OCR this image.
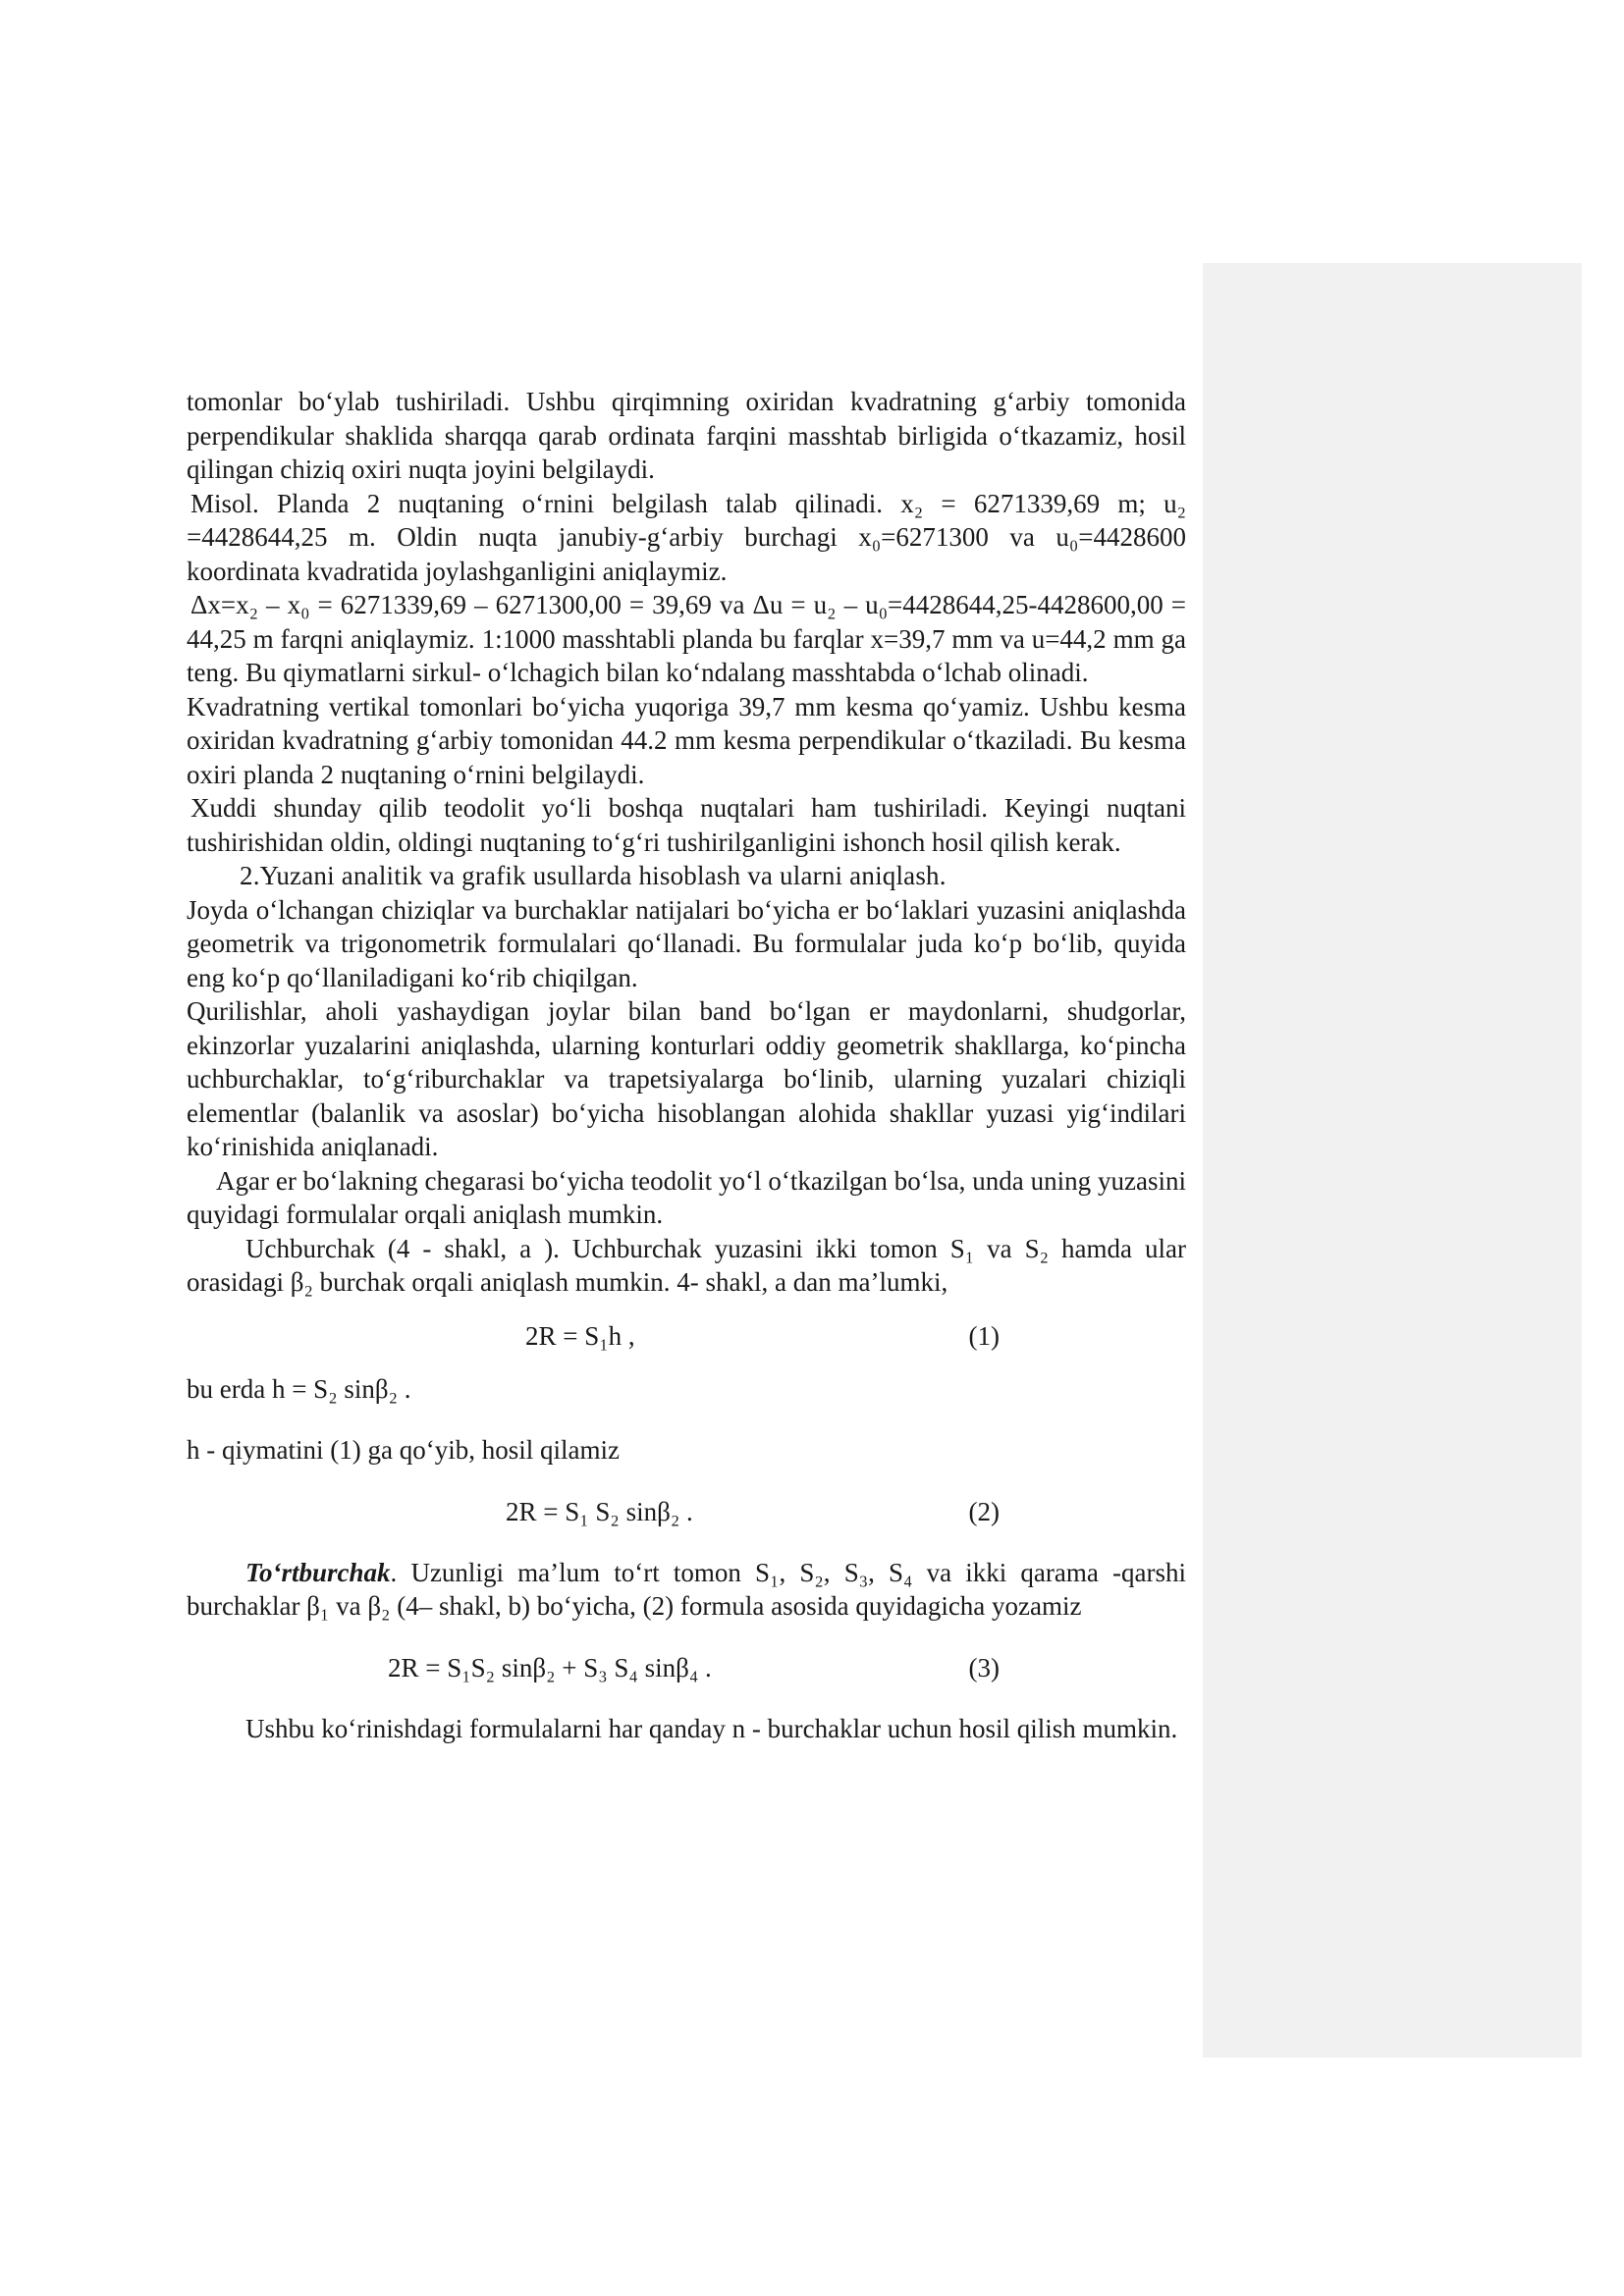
tomonlar bo‘ylab tushiriladi. Ushbu qirqimning oxiridan kvadratning g‘arbiy tomonida perpendikular shaklida sharqqa qarab ordinata farqini masshtab birligida o‘tkazamiz, hosil qilingan chiziq oxiri nuqta joyini belgilaydi.

Misol. Planda 2 nuqtaning o‘rnini belgilash talab qilinadi. x₂ = 6271339,69 m; u₂ =4428644,25 m. Oldin nuqta janubiy-g‘arbiy burchagi x₀=6271300 va u₀=4428600 koordinata kvadratida joylashganligini aniqlaymiz.

Δx=x₂ – x₀ = 6271339,69 – 6271300,00 = 39,69 va Δu = u₂ – u₀=4428644,25-4428600,00 = 44,25 m farqni aniqlaymiz. 1:1000 masshtabli planda bu farqlar x=39,7 mm va u=44,2 mm ga teng. Bu qiymatlarni sirkul- o‘lchagich bilan ko‘ndalang masshtabda o‘lchab olinadi.

Kvadratning vertikal tomonlari bo‘yicha yuqoriga 39,7 mm kesma qo‘yamiz. Ushbu kesma oxiridan kvadratning g‘arbiy tomonidan 44.2 mm kesma perpendikular o‘tkaziladi. Bu kesma oxiri planda 2 nuqtaning o‘rnini belgilaydi.

Xuddi shunday qilib teodolit yo‘li boshqa nuqtalari ham tushiriladi. Keyingi nuqtani tushirishidan oldin, oldingi nuqtaning to‘g‘ri tushirilganligini ishonch hosil qilish kerak.

2.Yuzani analitik va grafik usullarda hisoblash va ularni aniqlash.

Joyda o‘lchangan chiziqlar va burchaklar natijalari bo‘yicha er bo‘laklari yuzasini aniqlashda geometrik va trigonometrik formulalari qo‘llanadi. Bu formulalar juda ko‘p bo‘lib, quyida eng ko‘p qo‘llaniladigani ko‘rib chiqilgan.

Qurilishlar, aholi yashaydigan joylar bilan band bo‘lgan er maydonlarni, shudgorlar, ekinzorlar yuzalarini aniqlashda, ularning konturlari oddiy geometrik shakllarga, ko‘pincha uchburchaklar, to‘g‘riburchaklar va trapetsiyalarga bo‘linib, ularning yuzalari chiziqli elementlar (balanlik va asoslar) bo‘yicha hisoblangan alohida shakllar yuzasi yig‘indilari ko‘rinishida aniqlanadi.

Agar er bo‘lakning chegarasi bo‘yicha teodolit yo‘l o‘tkazilgan bo‘lsa, unda uning yuzasini quyidagi formulalar orqali aniqlash mumkin.

Uchburchak (4 - shakl, а ). Uchburchak yuzasini ikki tomon S₁ va S₂ hamda ular orasidagi β₂ burchak orqali aniqlash mumkin. 4- shakl, а dan ma’lumki,

2R = S₁h ,	(1)

bu erda h = S₂ sinβ₂ .

h - qiymatini (1) ga qo‘yib, hosil qilamiz

2R = S₁ S₂ sinβ₂ .	(2)

To‘rtburchak. Uzunligi ma’lum to‘rt tomon S₁, S₂, S₃, S₄ va ikki qarama -qarshi burchaklar β₁ va β₂ (4– shakl, b) bo‘yicha, (2) formula asosida quyidagicha yozamiz

2R = S₁S₂ sinβ₂ + S₃ S₄ sinβ₄ .	(3)

Ushbu ko‘rinishdagi formulalarni har qanday n - burchaklar uchun hosil qilish mumkin.
